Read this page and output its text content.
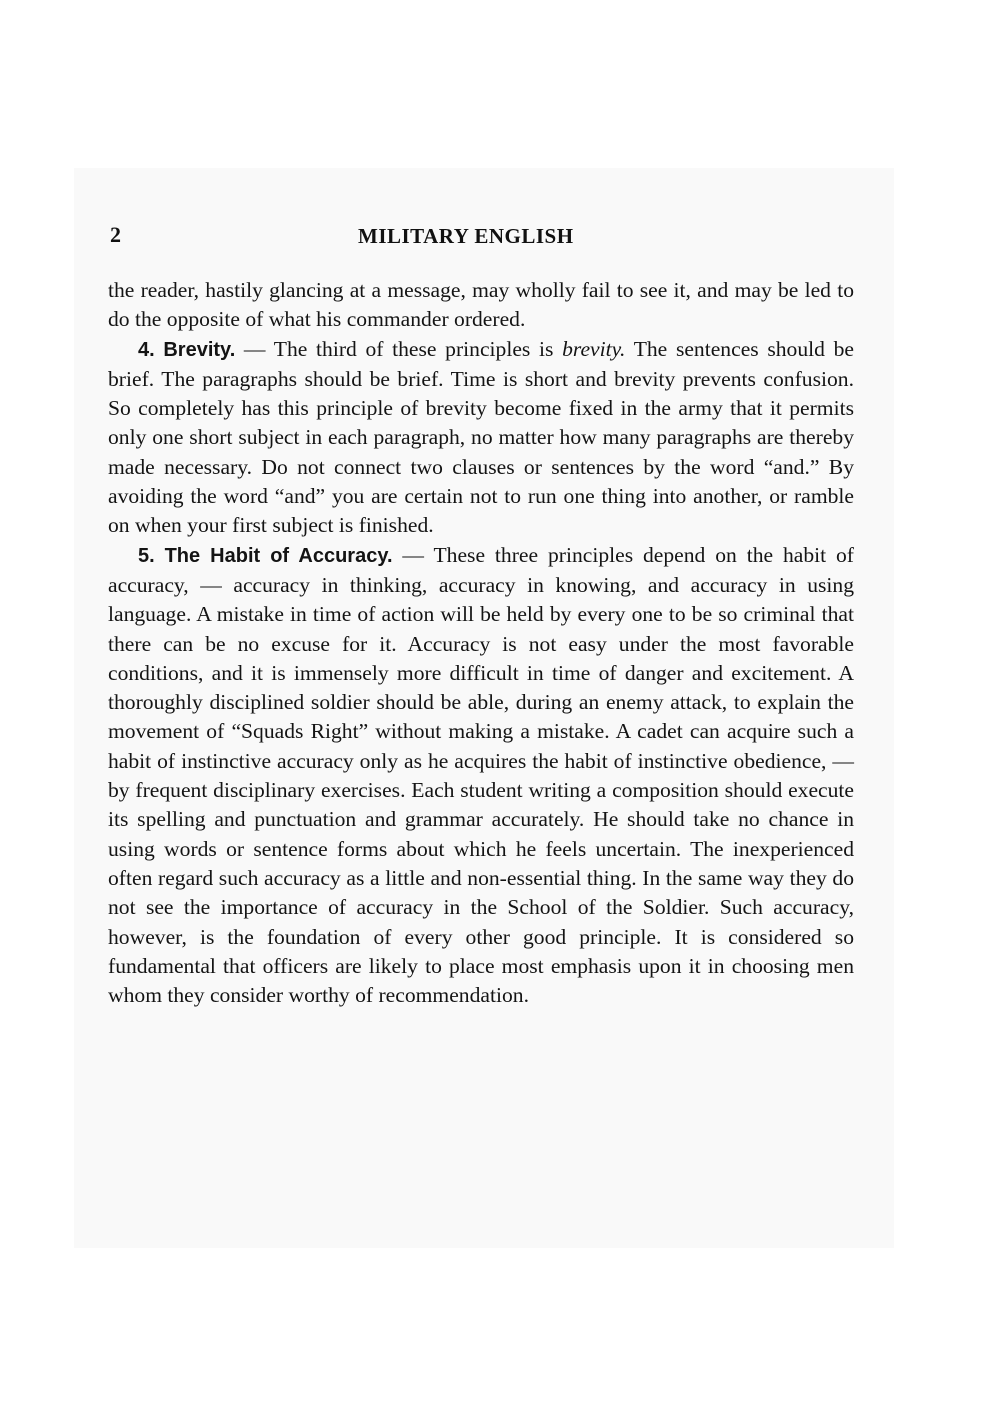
2	MILITARY ENGLISH

the reader, hastily glancing at a message, may wholly fail to see it, and may be led to do the opposite of what his commander ordered.

4. Brevity. — The third of these principles is brevity. The sentences should be brief. The paragraphs should be brief. Time is short and brevity prevents confusion. So completely has this principle of brevity become fixed in the army that it permits only one short subject in each paragraph, no matter how many paragraphs are thereby made necessary. Do not connect two clauses or sentences by the word “and.” By avoiding the word “and” you are certain not to run one thing into another, or ramble on when your first subject is finished.

5. The Habit of Accuracy. — These three principles depend on the habit of accuracy, — accuracy in thinking, accuracy in knowing, and accuracy in using language. A mistake in time of action will be held by every one to be so criminal that there can be no excuse for it. Accuracy is not easy under the most favorable conditions, and it is immensely more difficult in time of danger and excitement. A thoroughly disciplined soldier should be able, during an enemy attack, to explain the movement of “Squads Right” without making a mistake. A cadet can acquire such a habit of instinctive accuracy only as he acquires the habit of instinctive obedience, — by frequent disciplinary exercises. Each student writing a composition should execute its spelling and punctuation and grammar accurately. He should take no chance in using words or sentence forms about which he feels uncertain. The inexperienced often regard such accuracy as a little and non-essential thing. In the same way they do not see the importance of accuracy in the School of the Soldier. Such accuracy, however, is the foundation of every other good principle. It is considered so fundamental that officers are likely to place most emphasis upon it in choosing men whom they consider worthy of recommendation.
